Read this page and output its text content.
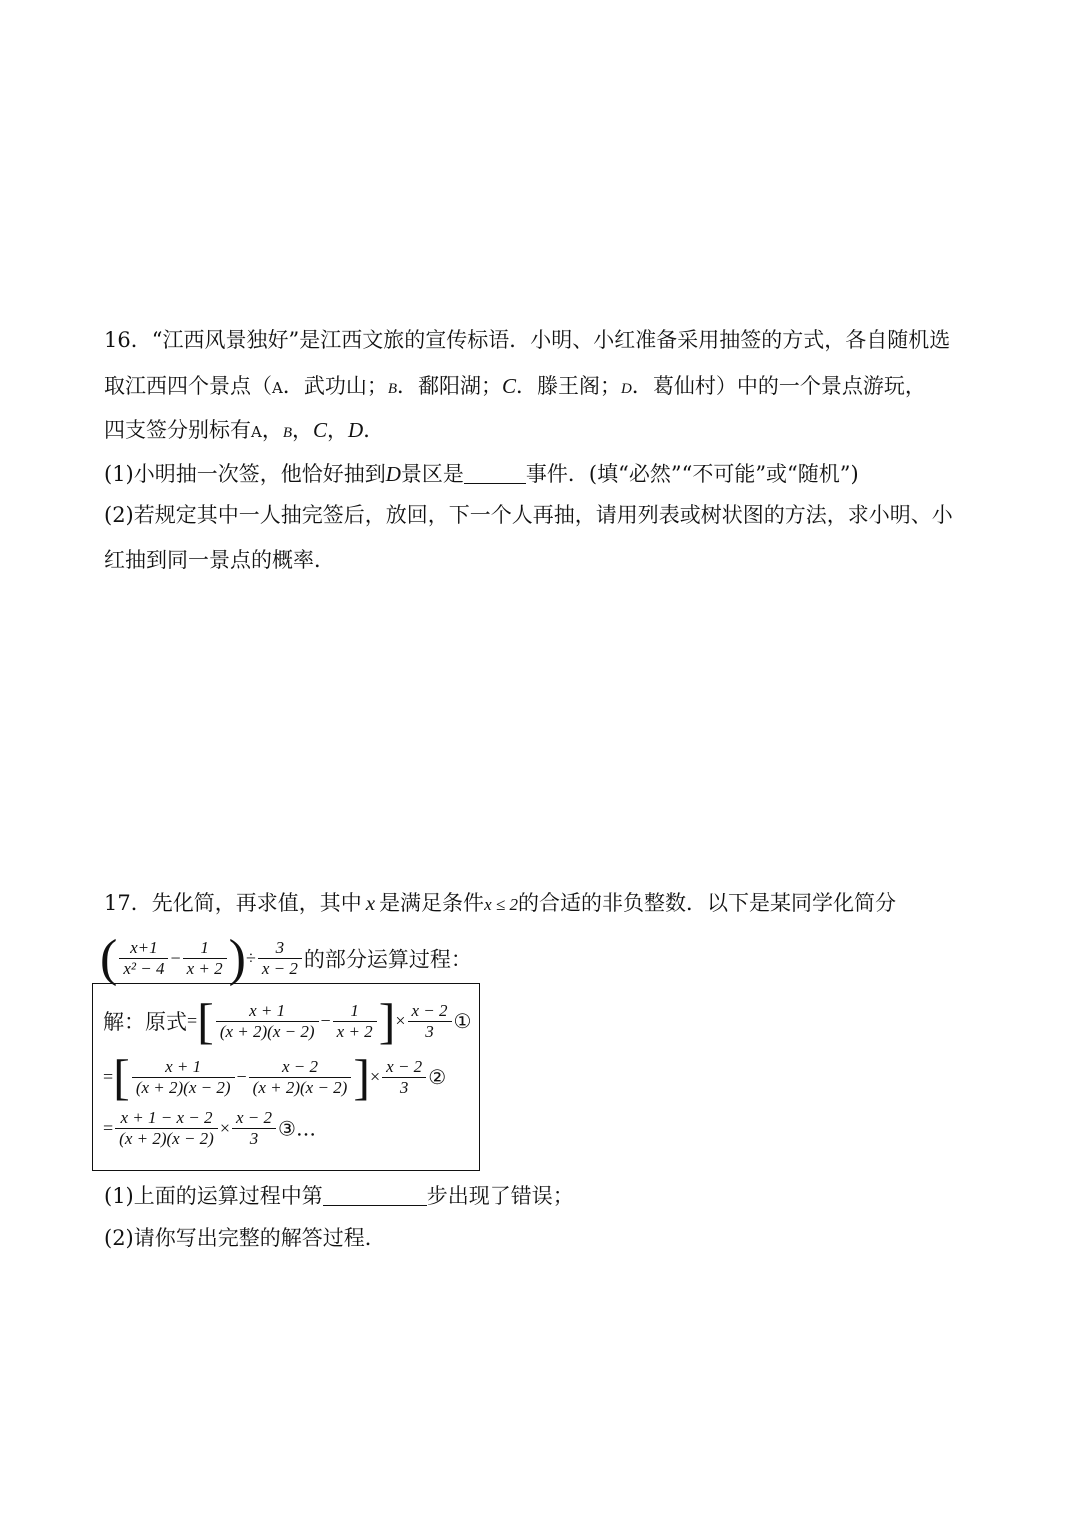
16．“江西风景独好”是江西文旅的宣传标语．小明、小红准备采用抽签的方式，各自随机选
取江西四个景点（A．武功山；B．鄱阳湖；C．滕王阁；D．葛仙村）中的一个景点游玩，
四支签分别标有A，B，C，D．
(1)小明抽一次签，他恰好抽到D景区是	事件．(填“必然”“不可能”或“随机”)
(2)若规定其中一人抽完签后，放回，下一个人再抽，请用列表或树状图的方法，求小明、小
红抽到同一景点的概率．
17．先化简，再求值，其中 x 是满足条件x ≤ 2的合适的非负整数．以下是某同学化简分
( $\frac{x+1}{\text{x² − 4}} - \frac{1}{x + 2}$ )÷ $\frac{3}{x - 2}$ 的部分运算过程：
解：原式=[ $\frac{x + 1}{(x + 2)(x - 2)} - \frac{1}{x + 2}$ ]× $\frac{x - 2}{3}$ ①
=[ $\frac{x + 1}{(x + 2)(x - 2)} - \frac{x - 2}{(x + 2)(x - 2)}$ ]× $\frac{x - 2}{3}$ ②
= $\frac{x + 1 - x - 2}{(x + 2)(x - 2)} \times \frac{x - 2}{3}$ ③…
(1)上面的运算过程中第	步出现了错误；
(2)请你写出完整的解答过程．
